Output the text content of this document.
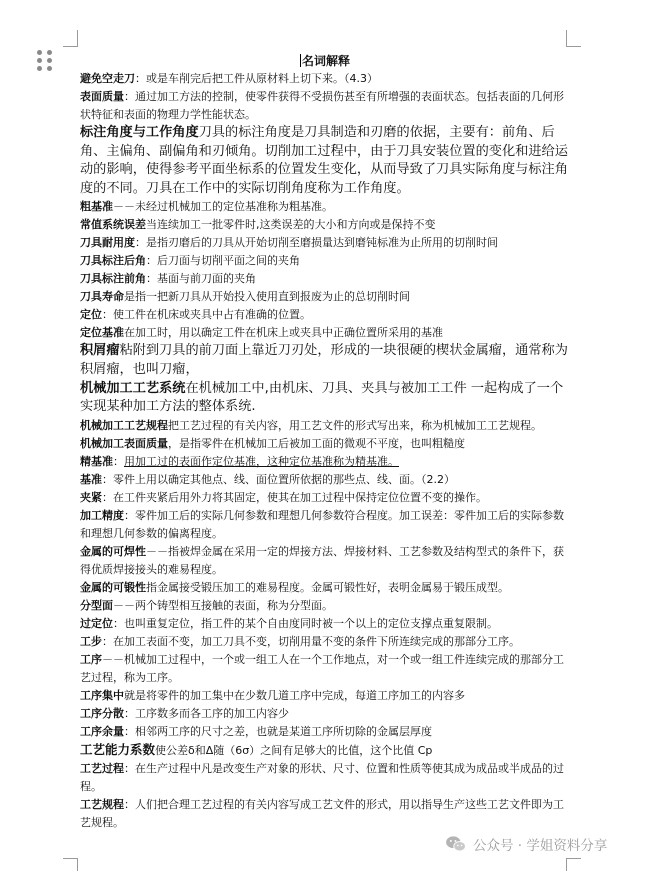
名词解释

避免空走刀：或是车削完后把工件从原材料上切下来。（4.3）

表面质量：通过加工方法的控制，使零件获得不受损伤甚至有所增强的表面状态。包括表面的几何形状特征和表面的物理力学性能状态。

标注角度与工作角度刀具的标注角度是刀具制造和刃磨的依据，主要有：前角、后角、主偏角、副偏角和刃倾角。切削加工过程中，由于刀具安装位置的变化和进给运动的影响，使得参考平面坐标系的位置发生变化，从而导致了刀具实际角度与标注角度的不同。刀具在工作中的实际切削角度称为工作角度。

粗基准－－未经过机械加工的定位基准称为粗基准。

常值系统误差当连续加工一批零件时,这类误差的大小和方向或是保持不变

刀具耐用度：是指刃磨后的刀具从开始切削至磨损量达到磨钝标准为止所用的切削时间

刀具标注后角：后刀面与切削平面之间的夹角

刀具标注前角：基面与前刀面的夹角

刀具寿命是指一把新刀具从开始投入使用直到报废为止的总切削时间

定位：使工件在机床或夹具中占有准确的位置。

定位基准在加工时，用以确定工件在机床上或夹具中正确位置所采用的基准

积屑瘤粘附到刀具的前刀面上靠近刀刃处，形成的一块很硬的楔状金属瘤，通常称为积屑瘤，也叫刀瘤，

机械加工工艺系统在机械加工中,由机床、刀具、夹具与被加工工件 一起构成了一个实现某种加工方法的整体系统.

机械加工工艺规程把工艺过程的有关内容，用工艺文件的形式写出来，称为机械加工工艺规程。

机械加工表面质量，是指零件在机械加工后被加工面的微观不平度，也叫粗糙度

精基准：用加工过的表面作定位基准，这种定位基准称为精基准。

基准：零件上用以确定其他点、线、面位置所依据的那些点、线、面。（2.2）

夹紧：在工件夹紧后用外力将其固定，使其在加工过程中保持定位位置不变的操作。

加工精度：零件加工后的实际几何参数和理想几何参数符合程度。加工误差：零件加工后的实际参数和理想几何参数的偏离程度。

金属的可焊性－－指被焊金属在采用一定的焊接方法、焊接材料、工艺参数及结构型式的条件下，获得优质焊接接头的难易程度。

金属的可锻性指金属接受锻压加工的难易程度。金属可锻性好，表明金属易于锻压成型。

分型面－－两个铸型相互接触的表面，称为分型面。

过定位：也叫重复定位，指工件的某个自由度同时被一个以上的定位支撑点重复限制。

工步：在加工表面不变，加工刀具不变，切削用量不变的条件下所连续完成的那部分工序。

工序－－机械加工过程中，一个或一组工人在一个工作地点，对一个或一组工件连续完成的那部分工艺过程，称为工序。

工序集中就是将零件的加工集中在少数几道工序中完成，每道工序加工的内容多

工序分散：工序数多而各工序的加工内容少

工序余量：相邻两工序的尺寸之差，也就是某道工序所切除的金属层厚度

工艺能力系数使公差δ和Δ随（6σ）之间有足够大的比值，这个比值 Cp

工艺过程：在生产过程中凡是改变生产对象的形状、尺寸、位置和性质等使其成为成品或半成品的过程。

工艺规程：人们把合理工艺过程的有关内容写成工艺文件的形式，用以指导生产这些工艺文件即为工艺规程。

公众号 · 学姐资料分享
